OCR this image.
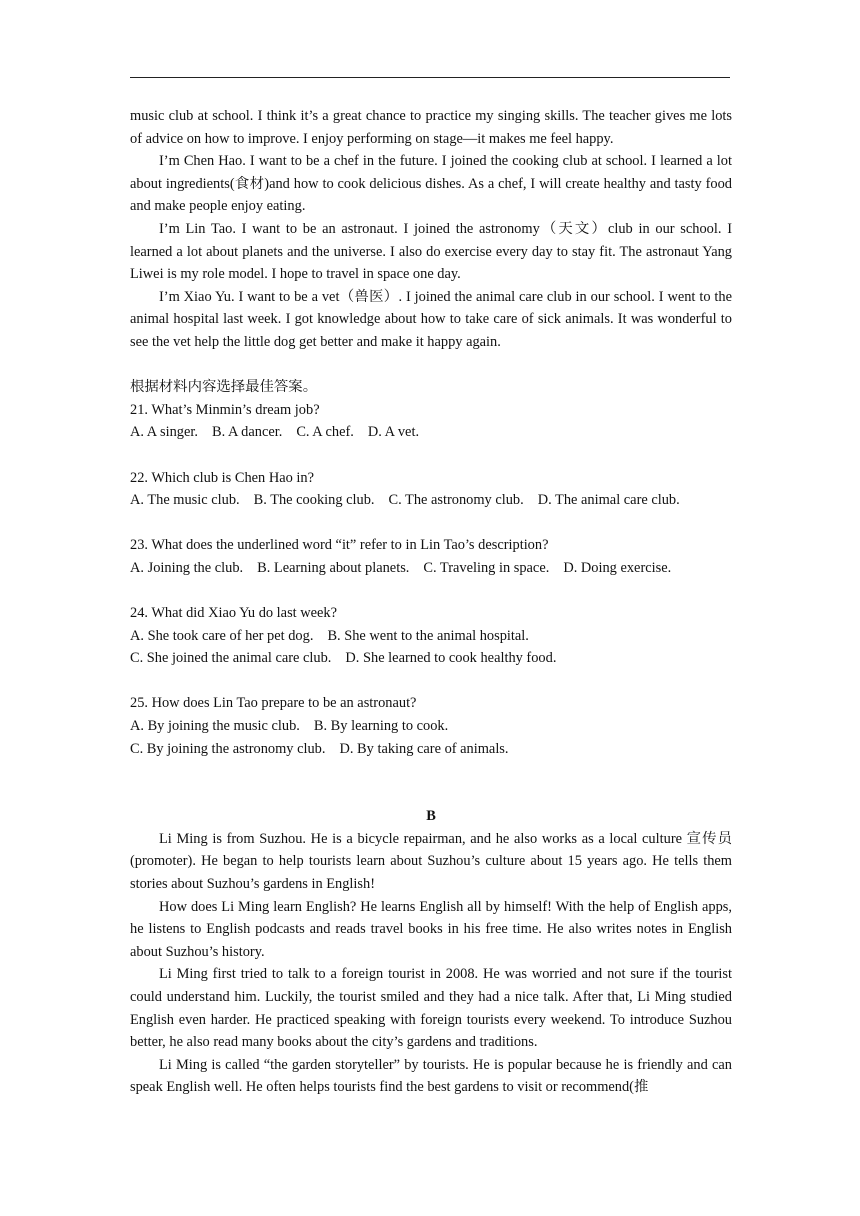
music club at school. I think it’s a great chance to practice my singing skills. The teacher gives me lots of advice on how to improve. I enjoy performing on stage—it makes me feel happy.

I’m Chen Hao. I want to be a chef in the future. I joined the cooking club at school. I learned a lot about ingredients(食材)and how to cook delicious dishes. As a chef, I will create healthy and tasty food and make people enjoy eating.

I’m Lin Tao. I want to be an astronaut. I joined the astronomy（天文）club in our school. I learned a lot about planets and the universe. I also do exercise every day to stay fit. The astronaut Yang Liwei is my role model. I hope to travel in space one day.

I’m Xiao Yu. I want to be a vet（兽医）. I joined the animal care club in our school. I went to the animal hospital last week. I got knowledge about how to take care of sick animals. It was wonderful to see the vet help the little dog get better and make it happy again.

根据材料内容选择最佳答案。

21. What’s Minmin’s dream job?

A. A singer. B. A dancer. C. A chef. D. A vet.

22. Which club is Chen Hao in?

A. The music club. B. The cooking club. C. The astronomy club. D. The animal care club.

23. What does the underlined word “it” refer to in Lin Tao’s description?

A. Joining the club. B. Learning about planets. C. Traveling in space. D. Doing exercise.

24. What did Xiao Yu do last week?

A. She took care of her pet dog. B. She went to the animal hospital.

C. She joined the animal care club. D. She learned to cook healthy food.

25. How does Lin Tao prepare to be an astronaut?

A. By joining the music club. B. By learning to cook.

C. By joining the astronomy club. D. By taking care of animals.

B

Li Ming is from Suzhou. He is a bicycle repairman, and he also works as a local culture 宣传员(promoter). He began to help tourists learn about Suzhou’s culture about 15 years ago. He tells them stories about Suzhou’s gardens in English!

How does Li Ming learn English? He learns English all by himself! With the help of English apps, he listens to English podcasts and reads travel books in his free time. He also writes notes in English about Suzhou’s history.

Li Ming first tried to talk to a foreign tourist in 2008. He was worried and not sure if the tourist could understand him. Luckily, the tourist smiled and they had a nice talk. After that, Li Ming studied English even harder. He practiced speaking with foreign tourists every weekend. To introduce Suzhou better, he also read many books about the city’s gardens and traditions.

Li Ming is called “the garden storyteller” by tourists. He is popular because he is friendly and can speak English well. He often helps tourists find the best gardens to visit or recommend(推
